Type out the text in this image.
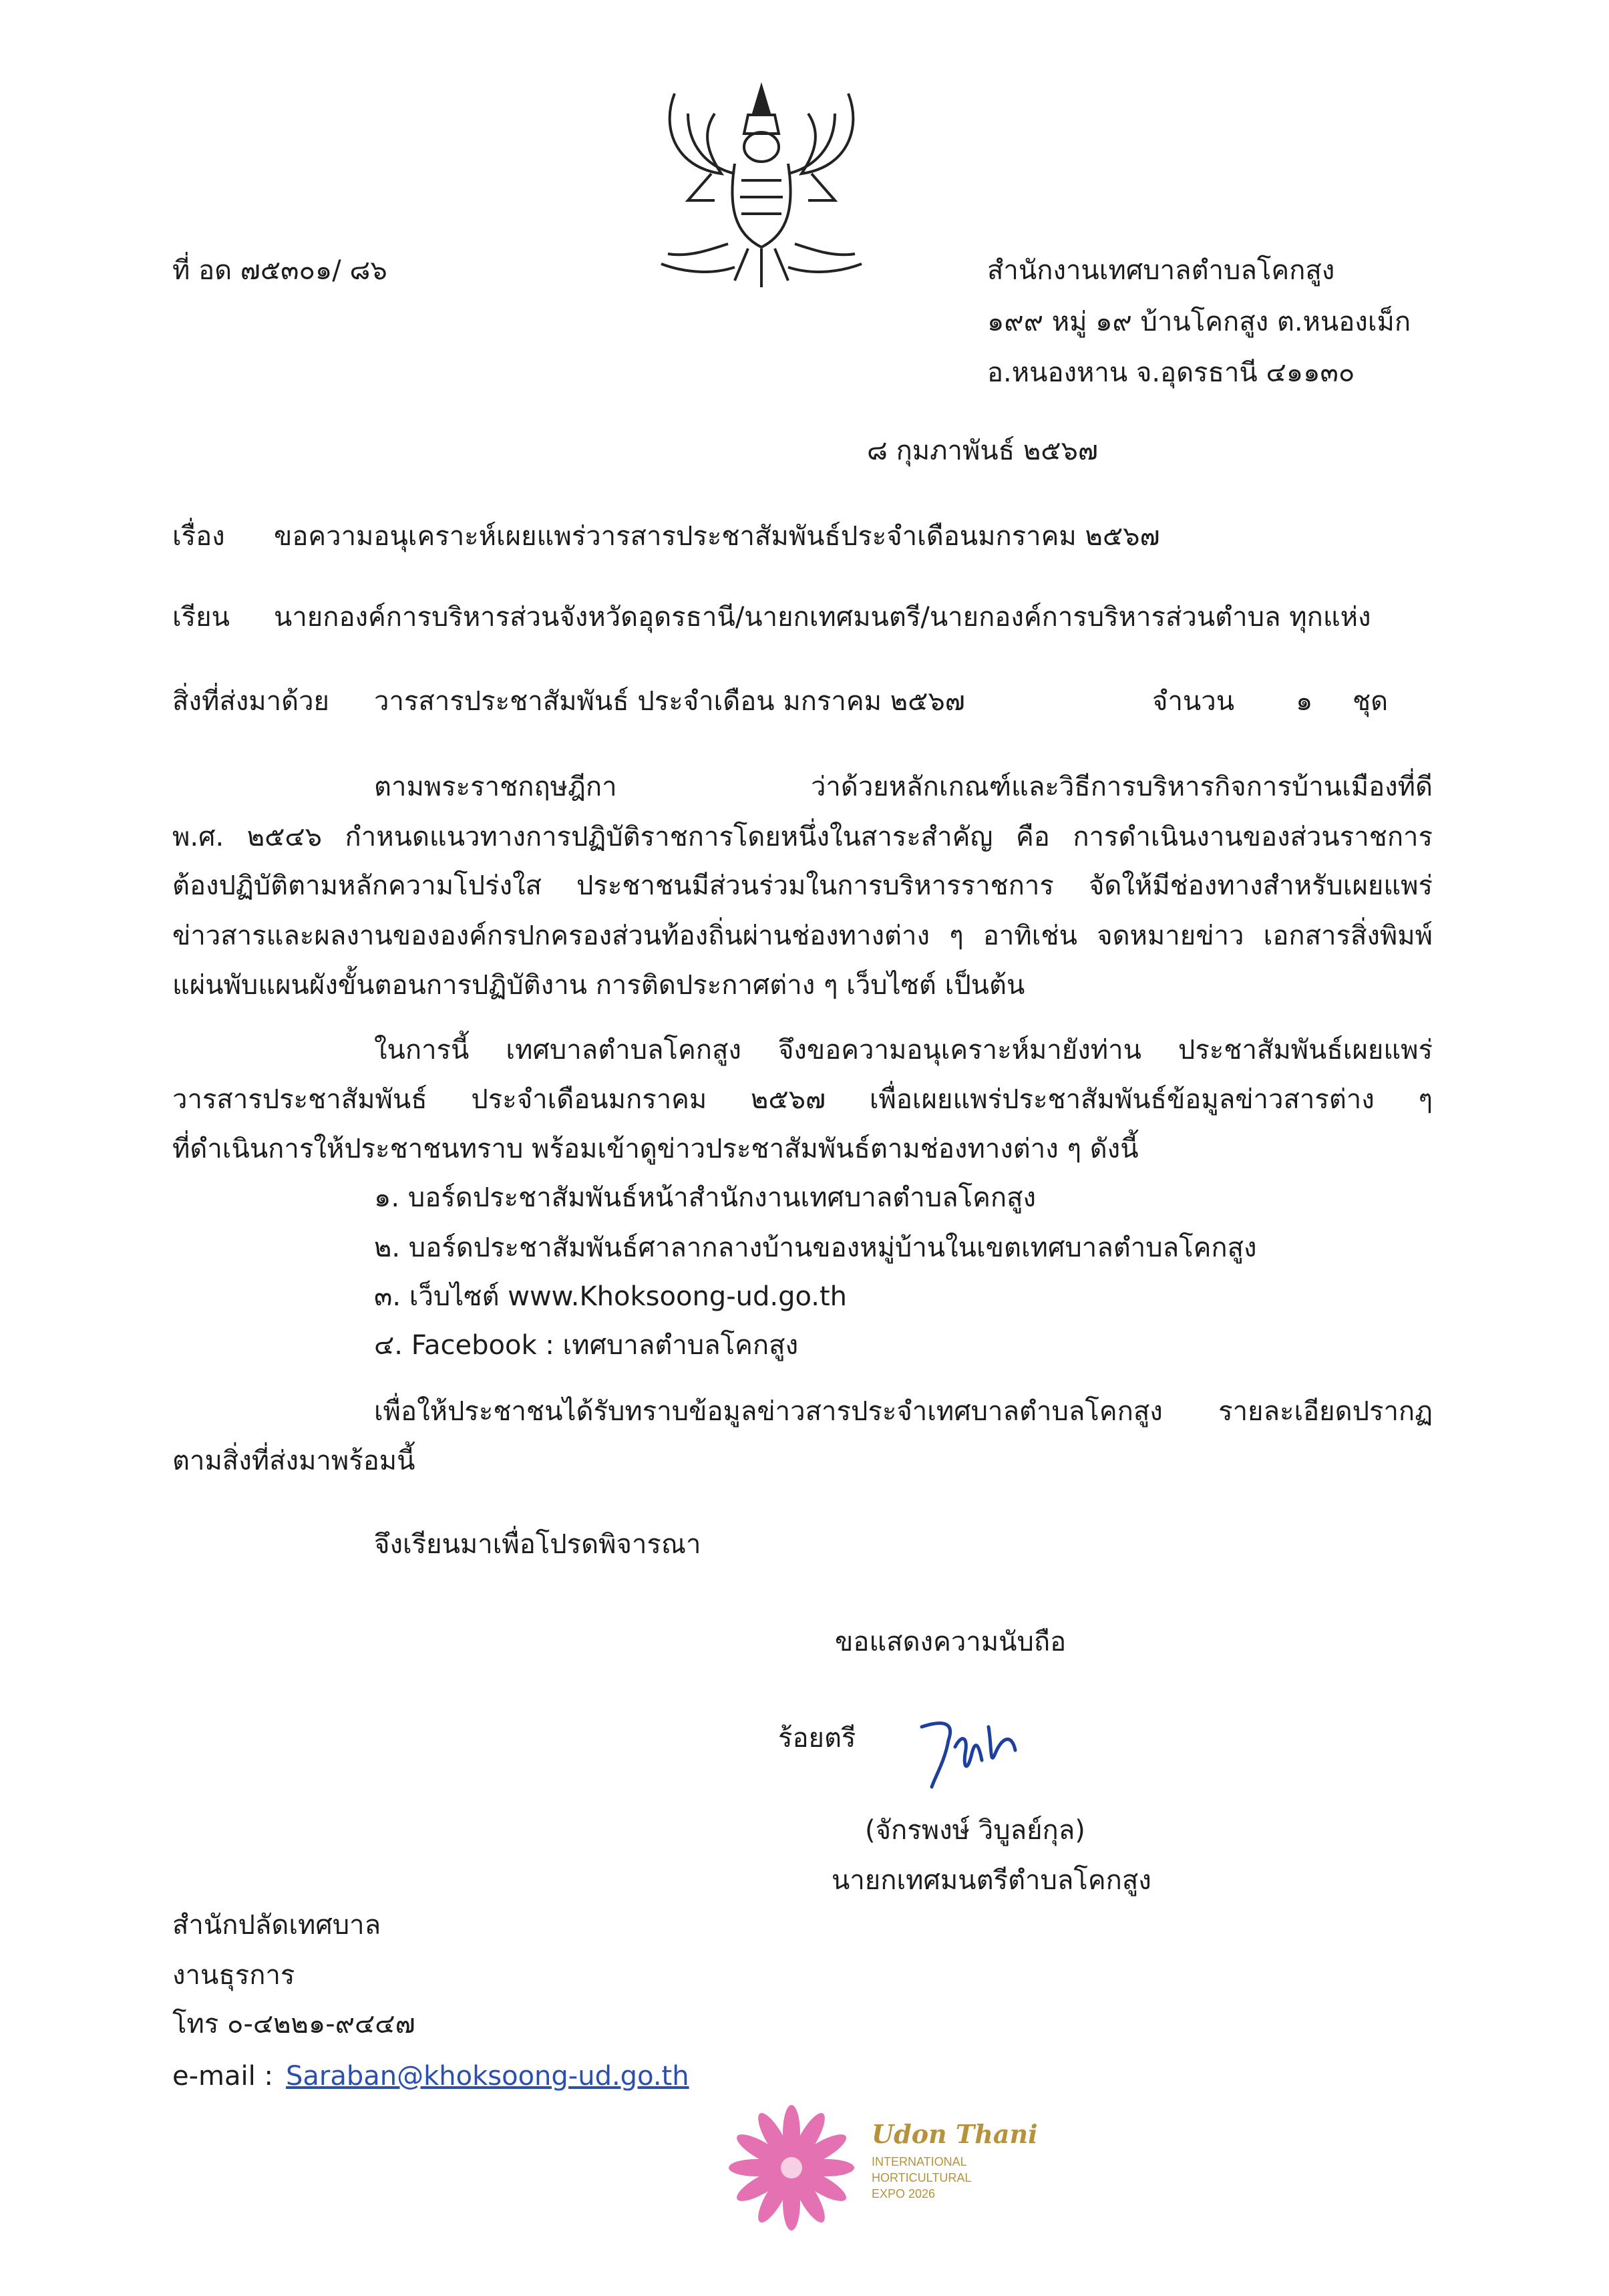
ที่ อด ๗๕๓๐๑/ ๘๖	สำนักงานเทศบาลตำบลโคกสูง
๑๙๙ หมู่ ๑๙ บ้านโคกสูง ต.หนองเม็ก
อ.หนองหาน จ.อุดรธานี ๔๑๑๓๐
๘ กุมภาพันธ์ ๒๕๖๗
เรื่อง ขอความอนุเคราะห์เผยแพร่วารสารประชาสัมพันธ์ประจำเดือนมกราคม ๒๕๖๗
เรียน นายกองค์การบริหารส่วนจังหวัดอุดรธานี/นายกเทศมนตรี/นายกองค์การบริหารส่วนตำบล ทุกแห่ง
สิ่งที่ส่งมาด้วย วารสารประชาสัมพันธ์ ประจำเดือน มกราคม ๒๕๖๗	จำนวน ๑ ชุด
ตามพระราชกฤษฎีกา ว่าด้วยหลักเกณฑ์และวิธีการบริหารกิจการบ้านเมืองที่ดี
พ.ศ. ๒๕๔๖ กำหนดแนวทางการปฏิบัติราชการโดยหนึ่งในสาระสำคัญ คือ การดำเนินงานของส่วนราชการ
ต้องปฏิบัติตามหลักความโปร่งใส ประชาชนมีส่วนร่วมในการบริหารราชการ จัดให้มีช่องทางสำหรับเผยแพร่
ข่าวสารและผลงานขององค์กรปกครองส่วนท้องถิ่นผ่านช่องทางต่าง ๆ อาทิเช่น จดหมายข่าว เอกสารสิ่งพิมพ์
แผ่นพับแผนผังขั้นตอนการปฏิบัติงาน การติดประกาศต่าง ๆ เว็บไซต์ เป็นต้น
ในการนี้ เทศบาลตำบลโคกสูง จึงขอความอนุเคราะห์มายังท่าน ประชาสัมพันธ์เผยแพร่
วารสารประชาสัมพันธ์ ประจำเดือนมกราคม ๒๕๖๗ เพื่อเผยแพร่ประชาสัมพันธ์ข้อมูลข่าวสารต่าง ๆ
ที่ดำเนินการให้ประชาชนทราบ พร้อมเข้าดูข่าวประชาสัมพันธ์ตามช่องทางต่าง ๆ ดังนี้
๑. บอร์ดประชาสัมพันธ์หน้าสำนักงานเทศบาลตำบลโคกสูง
๒. บอร์ดประชาสัมพันธ์ศาลากลางบ้านของหมู่บ้านในเขตเทศบาลตำบลโคกสูง
๓. เว็บไซต์ www.Khoksoong-ud.go.th
๔. Facebook : เทศบาลตำบลโคกสูง
เพื่อให้ประชาชนได้รับทราบข้อมูลข่าวสารประจำเทศบาลตำบลโคกสูง รายละเอียดปรากฏ
ตามสิ่งที่ส่งมาพร้อมนี้
จึงเรียนมาเพื่อโปรดพิจารณา
ขอแสดงความนับถือ
ร้อยตรี
(จักรพงษ์ วิบูลย์กุล)
นายกเทศมนตรีตำบลโคกสูง
สำนักปลัดเทศบาล
งานธุรการ
โทร ๐-๔๒๒๑-๙๔๔๗
e-mail : Saraban@khoksoong-ud.go.th
Udon Thani
INTERNATIONAL
HORTICULTURAL
EXPO 2026
